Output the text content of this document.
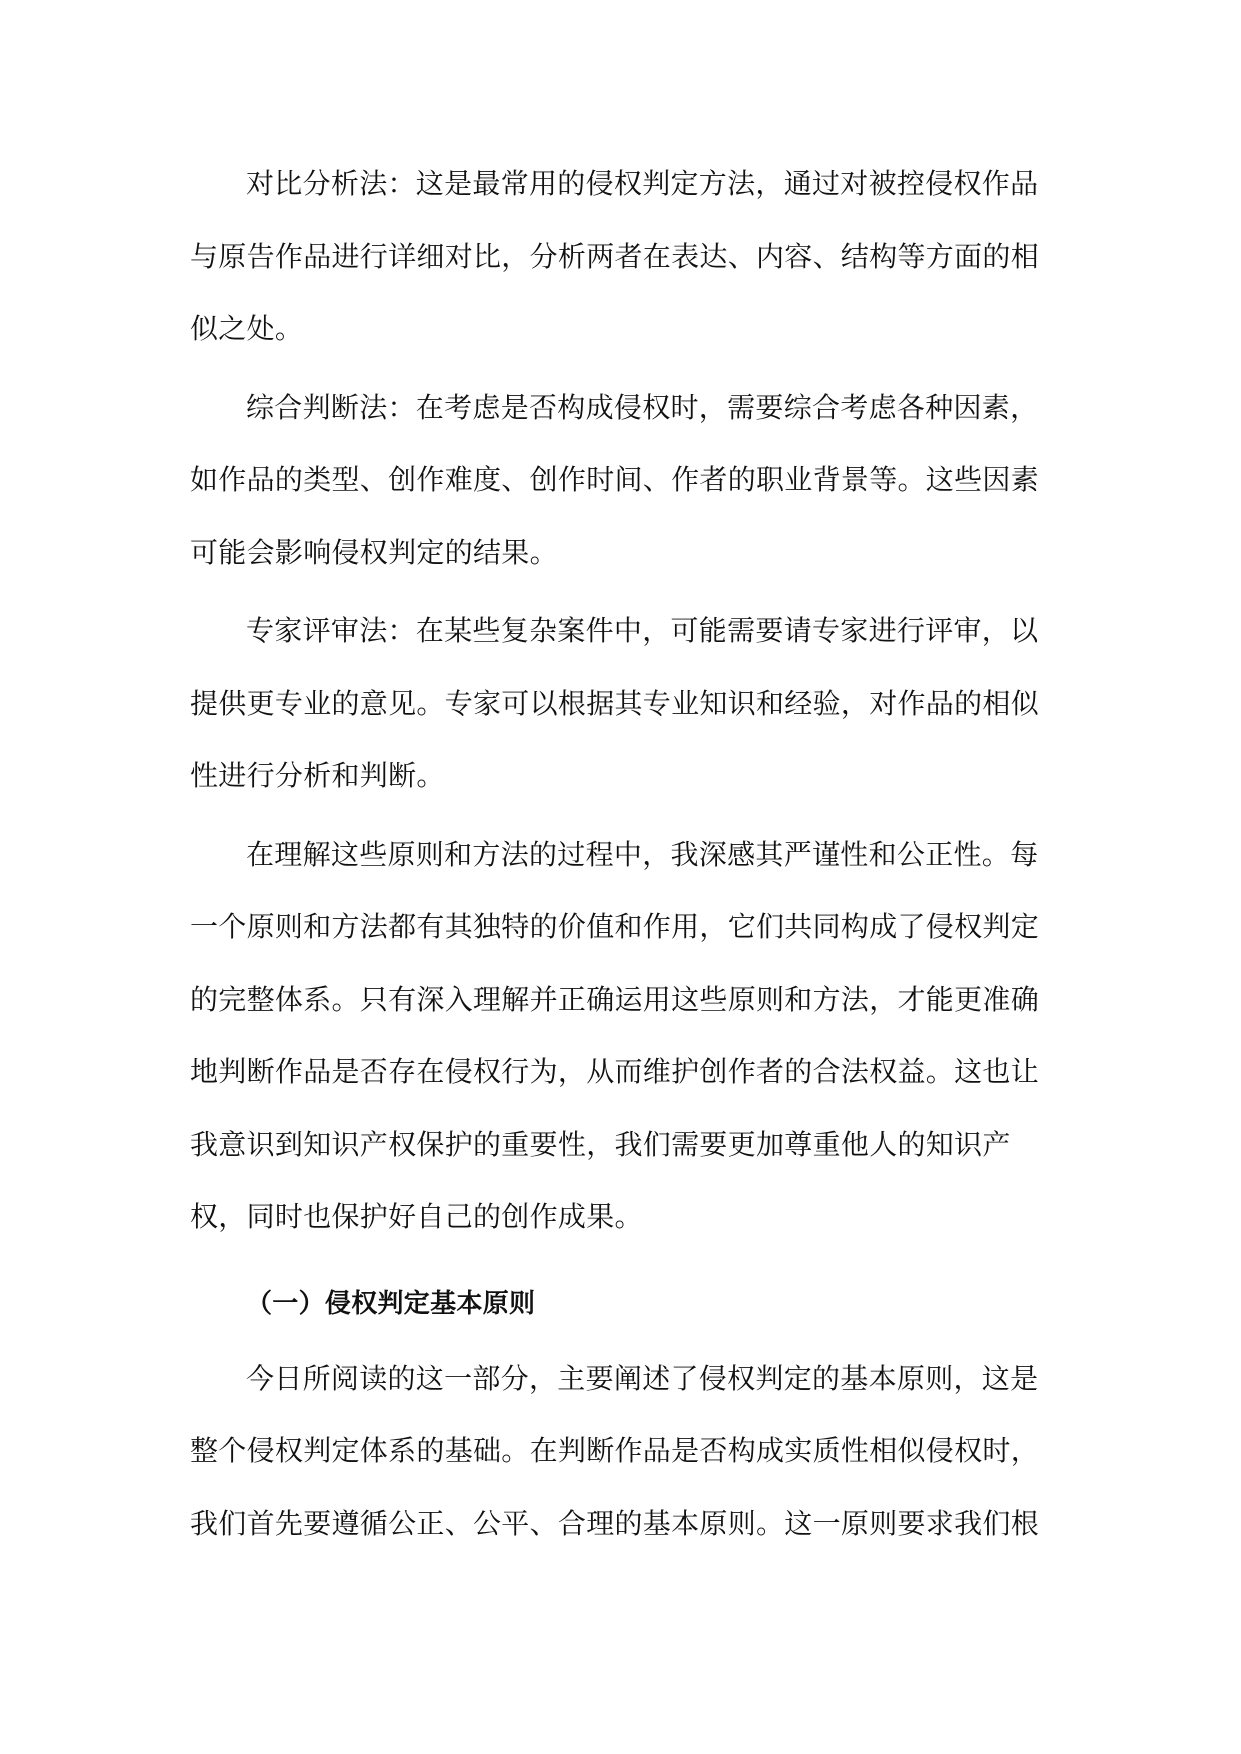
对比分析法：这是最常用的侵权判定方法，通过对被控侵权作品与原告作品进行详细对比，分析两者在表达、内容、结构等方面的相似之处。

综合判断法：在考虑是否构成侵权时，需要综合考虑各种因素，如作品的类型、创作难度、创作时间、作者的职业背景等。这些因素可能会影响侵权判定的结果。

专家评审法：在某些复杂案件中，可能需要请专家进行评审，以提供更专业的意见。专家可以根据其专业知识和经验，对作品的相似性进行分析和判断。

在理解这些原则和方法的过程中，我深感其严谨性和公正性。每一个原则和方法都有其独特的价值和作用，它们共同构成了侵权判定的完整体系。只有深入理解并正确运用这些原则和方法，才能更准确地判断作品是否存在侵权行为，从而维护创作者的合法权益。这也让我意识到知识产权保护的重要性，我们需要更加尊重他人的知识产权，同时也保护好自己的创作成果。

（一）侵权判定基本原则

今日所阅读的这一部分，主要阐述了侵权判定的基本原则，这是整个侵权判定体系的基础。在判断作品是否构成实质性相似侵权时，我们首先要遵循公正、公平、合理的基本原则。这一原则要求我们根
